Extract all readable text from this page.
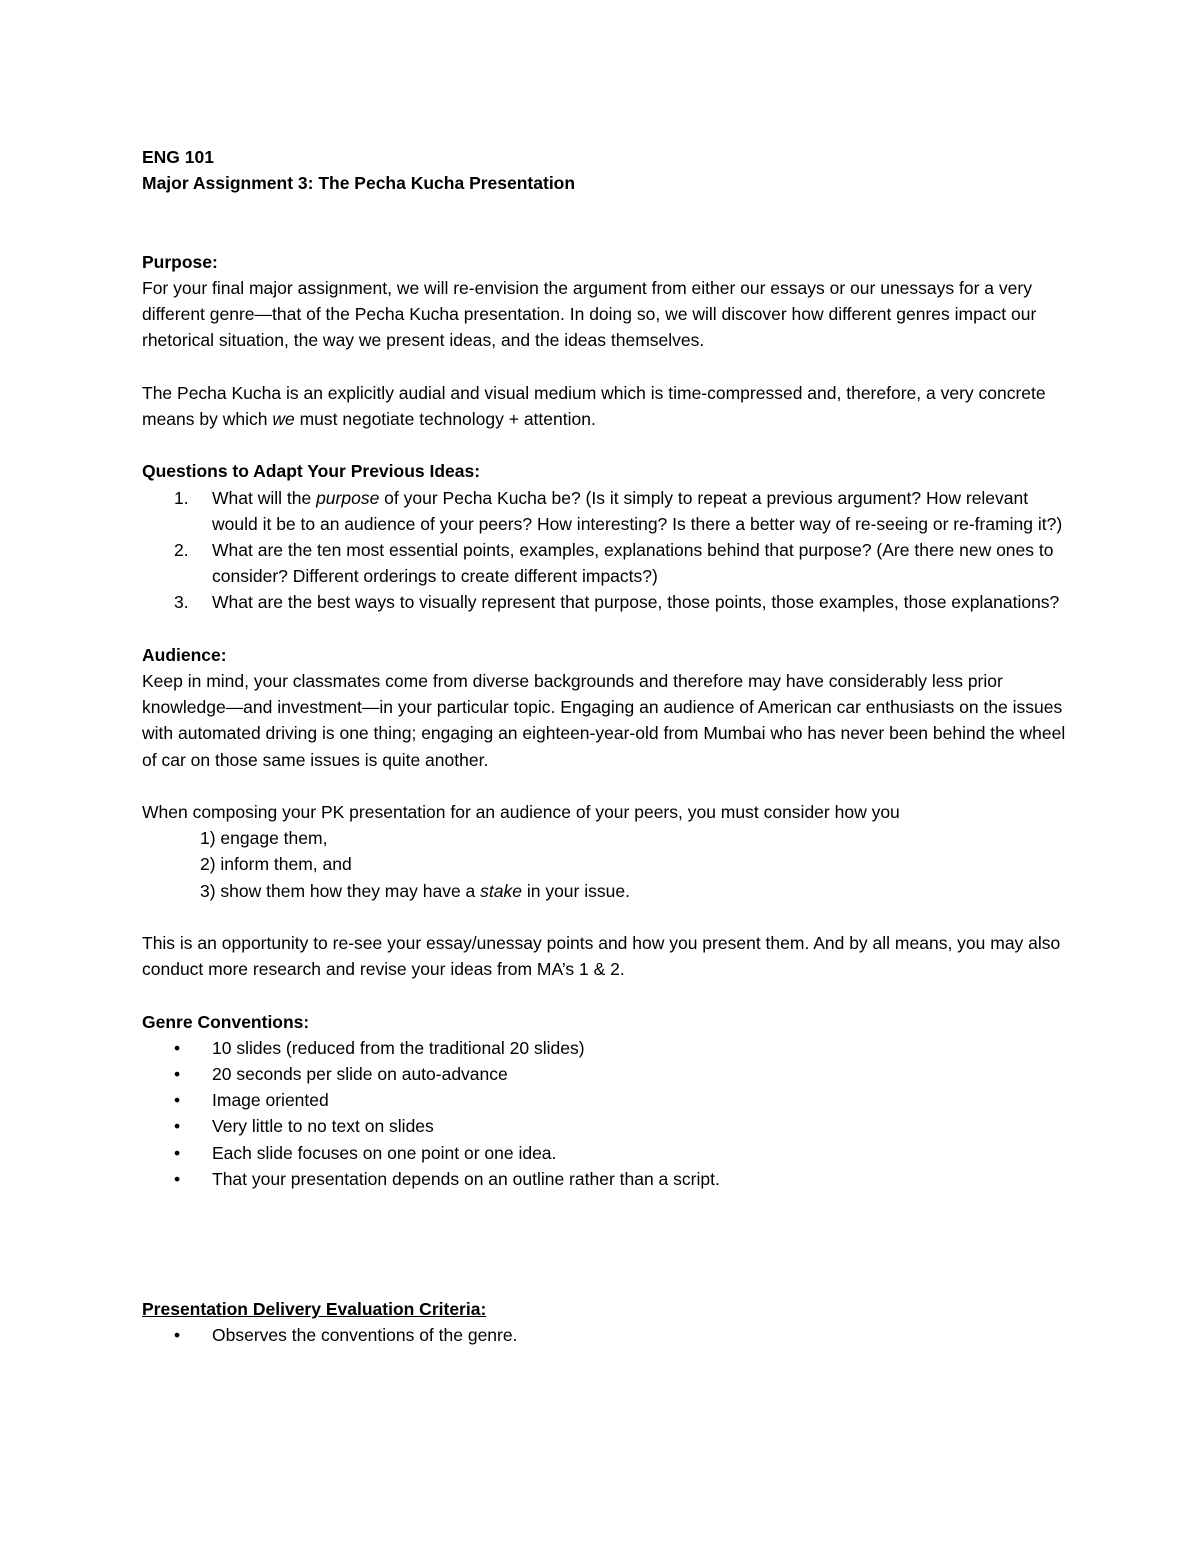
ENG 101

Major Assignment 3: The Pecha Kucha Presentation

Purpose:

For your final major assignment, we will re-envision the argument from either our essays or our unessays for a very different genre—that of the Pecha Kucha presentation. In doing so, we will discover how different genres impact our rhetorical situation, the way we present ideas, and the ideas themselves.

The Pecha Kucha is an explicitly audial and visual medium which is time-compressed and, therefore, a very concrete means by which we must negotiate technology + attention.

Questions to Adapt Your Previous Ideas:

1. What will the purpose of your Pecha Kucha be? (Is it simply to repeat a previous argument? How relevant would it be to an audience of your peers? How interesting? Is there a better way of re-seeing or re-framing it?)
2. What are the ten most essential points, examples, explanations behind that purpose? (Are there new ones to consider? Different orderings to create different impacts?)
3. What are the best ways to visually represent that purpose, those points, those examples, those explanations?

Audience:

Keep in mind, your classmates come from diverse backgrounds and therefore may have considerably less prior knowledge—and investment—in your particular topic. Engaging an audience of American car enthusiasts on the issues with automated driving is one thing; engaging an eighteen-year-old from Mumbai who has never been behind the wheel of car on those same issues is quite another.

When composing your PK presentation for an audience of your peers, you must consider how you

1) engage them,
2) inform them, and
3) show them how they may have a stake in your issue.

This is an opportunity to re-see your essay/unessay points and how you present them. And by all means, you may also conduct more research and revise your ideas from MA’s 1 & 2.

Genre Conventions:

• 10 slides (reduced from the traditional 20 slides)
• 20 seconds per slide on auto-advance
• Image oriented
• Very little to no text on slides
• Each slide focuses on one point or one idea.
• That your presentation depends on an outline rather than a script.

Presentation Delivery Evaluation Criteria:

• Observes the conventions of the genre.
